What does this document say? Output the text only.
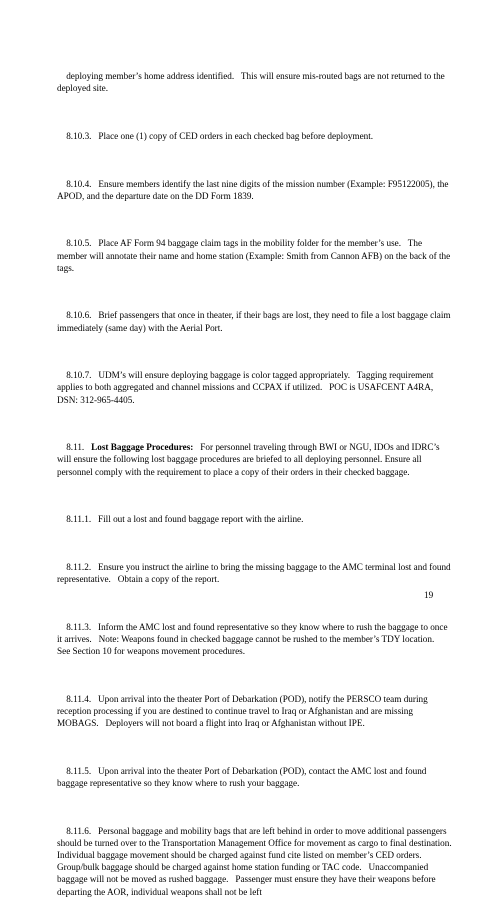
deploying member’s home address identified.   This will ensure mis-routed bags are not returned to the deployed site.

8.10.3. Place one (1) copy of CED orders in each checked bag before deployment.

8.10.4. Ensure members identify the last nine digits of the mission number (Example: F95122005), the APOD, and the departure date on the DD Form 1839.

8.10.5. Place AF Form 94 baggage claim tags in the mobility folder for the member’s use.   The member will annotate their name and home station (Example: Smith from Cannon AFB) on the back of the tags.

8.10.6. Brief passengers that once in theater, if their bags are lost, they need to file a lost baggage claim immediately (same day) with the Aerial Port.

8.10.7. UDM’s will ensure deploying baggage is color tagged appropriately.   Tagging requirement applies to both aggregated and channel missions and CCPAX if utilized.   POC is USAFCENT A4RA, DSN: 312-965-4405.

8.11. Lost Baggage Procedures: For personnel traveling through BWI or NGU, IDOs and IDRC’s will ensure the following lost baggage procedures are briefed to all deploying personnel. Ensure all personnel comply with the requirement to place a copy of their orders in their checked baggage.

8.11.1. Fill out a lost and found baggage report with the airline.

8.11.2. Ensure you instruct the airline to bring the missing baggage to the AMC terminal lost and found representative.   Obtain a copy of the report.

8.11.3. Inform the AMC lost and found representative so they know where to rush the baggage to once it arrives.   Note: Weapons found in checked baggage cannot be rushed to the member’s TDY location.   See Section 10 for weapons movement procedures.

8.11.4. Upon arrival into the theater Port of Debarkation (POD), notify the PERSCO team during reception processing if you are destined to continue travel to Iraq or Afghanistan and are missing MOBAGS.   Deployers will not board a flight into Iraq or Afghanistan without IPE.

8.11.5. Upon arrival into the theater Port of Debarkation (POD), contact the AMC lost and found baggage representative so they know where to rush your baggage.

8.11.6. Personal baggage and mobility bags that are left behind in order to move additional passengers should be turned over to the Transportation Management Office for movement as cargo to final destination.   Individual baggage movement should be charged against fund cite listed on member’s CED orders.   Group/bulk baggage should be charged against home station funding or TAC code.   Unaccompanied baggage will not be moved as rushed baggage.   Passenger must ensure they have their weapons before departing the AOR, individual weapons shall not be left

19
